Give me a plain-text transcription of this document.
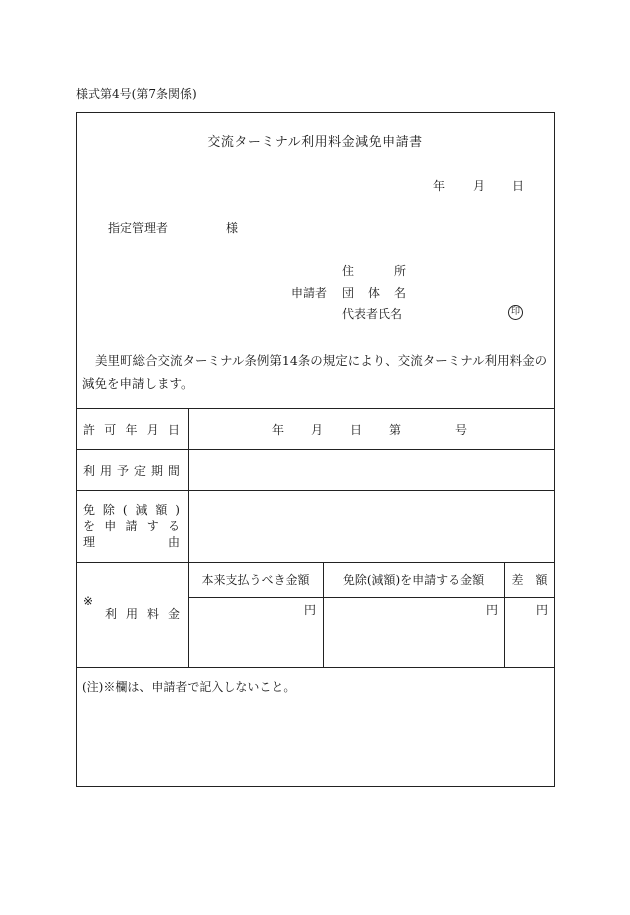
様式第4号(第7条関係)
交流ターミナル利用料金減免申請書
年 月 日
指定管理者	様
住	所
申請者 団 体 名
代表者氏名	印
美里町総合交流ターミナル条例第14条の規定により、交流ターミナル利用料金の減免を申請します。
許 可 年 月 日	年 月 日 第	号
利 用 予 定 期 間
免 除 ( 減 額 )
を 申 請 す る
理	由
※
利 用 料 金
本来支払うべき金額	免除(減額)を申請する金額	差　額
円	円	円
(注)※欄は、申請者で記入しないこと。
